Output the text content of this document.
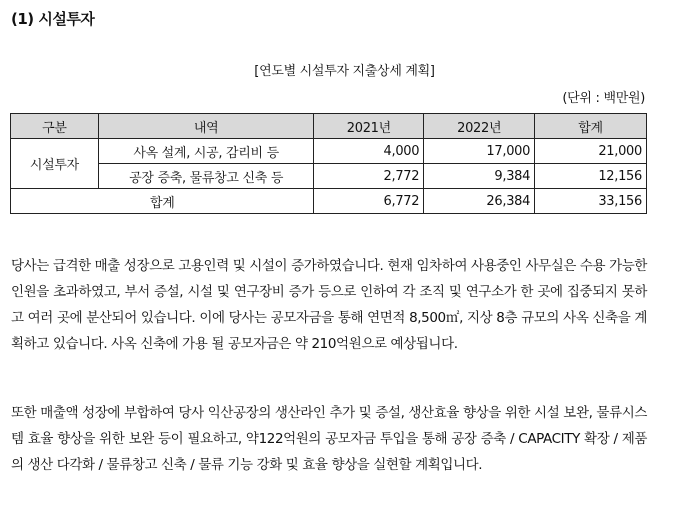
(1) 시설투자
[연도별 시설투자 지출상세 계획]
(단위 : 백만원)
구분	내역	2021년	2022년	합계
시설투자	사옥 설계, 시공, 감리비 등	4,000	17,000	21,000
	공장 증축, 물류창고 신축 등	2,772	9,384	12,156
합계		6,772	26,384	33,156

당사는 급격한 매출 성장으로 고용인력 및 시설이 증가하였습니다. 현재 임차하여 사용중인 사무실은 수용 가능한 인원을 초과하였고, 부서 증설, 시설 및 연구장비 증가 등으로 인하여 각 조직 및 연구소가 한 곳에 집중되지 못하고 여러 곳에 분산되어 있습니다. 이에 당사는 공모자금을 통해 연면적 8,500㎡, 지상 8층 규모의 사옥 신축을 계획하고 있습니다. 사옥 신축에 가용 될 공모자금은 약 210억원으로 예상됩니다.

또한 매출액 성장에 부합하여 당사 익산공장의 생산라인 추가 및 증설, 생산효율 향상을 위한 시설 보완, 물류시스템 효율 향상을 위한 보완 등이 필요하고, 약122억원의 공모자금 투입을 통해 공장 증축 / CAPACITY 확장 / 제품의 생산 다각화 / 물류창고 신축 / 물류 기능 강화 및 효율 향상을 실현할 계획입니다.
